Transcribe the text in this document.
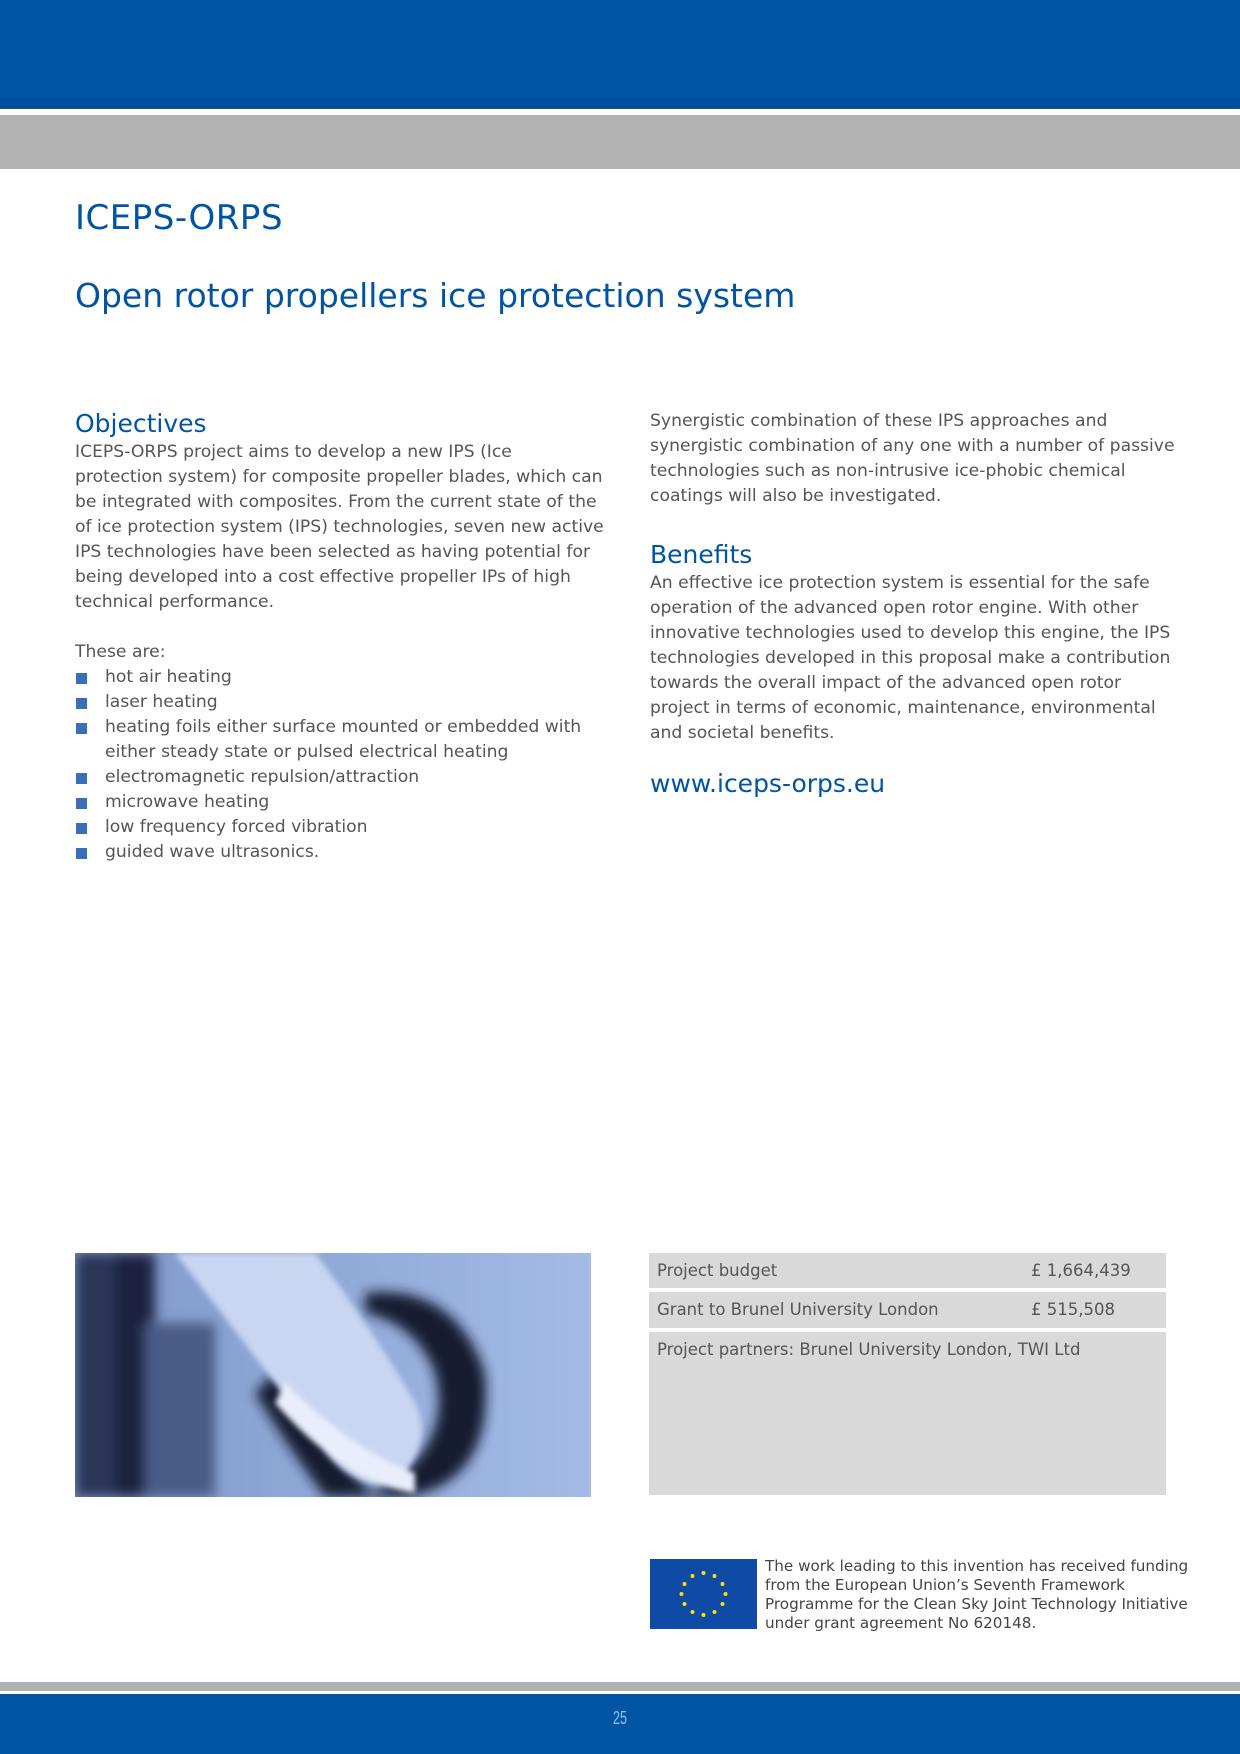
ICEPS-ORPS
Open rotor propellers ice protection system
Objectives

ICEPS-ORPS project aims to develop a new IPS (Ice protection system) for composite propeller blades, which can be integrated with composites. From the current state of the of ice protection system (IPS) technologies, seven new active IPS technologies have been selected as having potential for being developed into a cost effective propeller IPs of high technical performance.

These are:

hot air heating
laser heating
heating foils either surface mounted or embedded with either steady state or pulsed electrical heating
electromagnetic repulsion/attraction
microwave heating
low frequency forced vibration
guided wave ultrasonics.

Synergistic combination of these IPS approaches and synergistic combination of any one with a number of passive technologies such as non-intrusive ice-phobic chemical coatings will also be investigated.

Benefits

An effective ice protection system is essential for the safe operation of the advanced open rotor engine. With other innovative technologies used to develop this engine, the IPS technologies developed in this proposal make a contribution towards the overall impact of the advanced open rotor project in terms of economic, maintenance, environmental and societal benefits.

www.iceps-orps.eu
Project budget	£ 1,664,439
Grant to Brunel University London	£ 515,508
Project partners: Brunel University London, TWI Ltd
The work leading to this invention has received funding from the European Union’s Seventh Framework Programme for the Clean Sky Joint Technology Initiative under grant agreement No 620148.
25
